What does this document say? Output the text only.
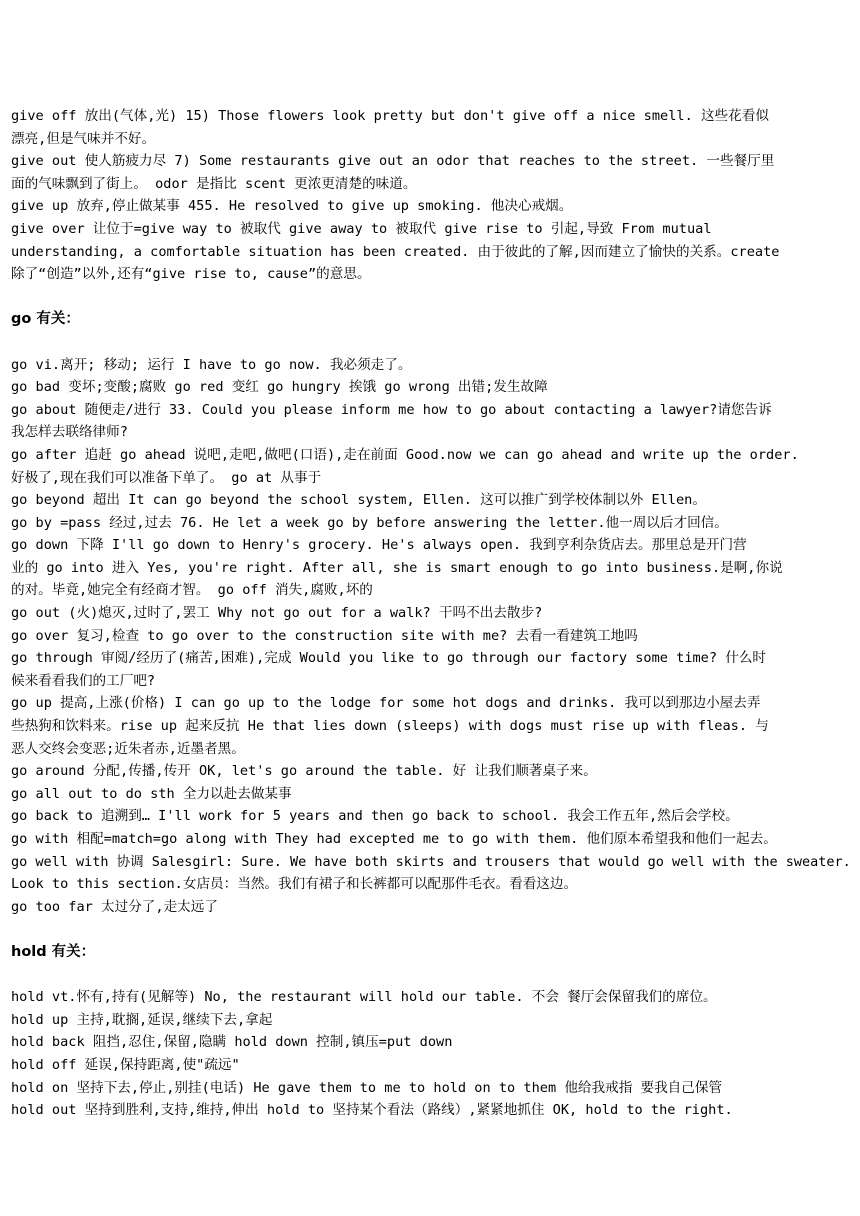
give off 放出(气体,光) 15) Those flowers look pretty but don't give off a nice smell. 这些花看似
漂亮,但是气味并不好。
give out 使人筋疲力尽 7) Some restaurants give out an odor that reaches to the street. 一些餐厅里
面的气味飘到了街上。 odor 是指比 scent 更浓更清楚的味道。
give up 放弃,停止做某事 455. He resolved to give up smoking. 他决心戒烟。
give over 让位于=give way to 被取代 give away to 被取代 give rise to 引起,导致 From mutual
understanding, a comfortable situation has been created. 由于彼此的了解,因而建立了愉快的关系。create
除了“创造”以外,还有“give rise to, cause”的意思。
go 有关：
go vi.离开; 移动; 运行 I have to go now. 我必须走了。
go bad 变坏;变酸;腐败 go red 变红 go hungry 挨饿 go wrong 出错;发生故障
go about 随便走/进行 33. Could you please inform me how to go about contacting a lawyer?请您告诉
我怎样去联络律师?
go after 追赶 go ahead 说吧,走吧,做吧(口语),走在前面 Good.now we can go ahead and write up the order.
好极了,现在我们可以准备下单了。 go at 从事于
go beyond 超出 It can go beyond the school system, Ellen. 这可以推广到学校体制以外 Ellen。
go by =pass 经过,过去 76. He let a week go by before answering the letter.他一周以后才回信。
go down 下降 I'll go down to Henry's grocery. He's always open. 我到亨利杂货店去。那里总是开门营
业的 go into 进入 Yes, you're right. After all, she is smart enough to go into business.是啊,你说
的对。毕竟,她完全有经商才智。 go off 消失,腐败,坏的
go out (火)熄灭,过时了,罢工 Why not go out for a walk? 干吗不出去散步?
go over 复习,检查 to go over to the construction site with me? 去看一看建筑工地吗
go through 审阅/经历了(痛苦,困难),完成 Would you like to go through our factory some time? 什么时
候来看看我们的工厂吧?
go up 提高,上涨(价格) I can go up to the lodge for some hot dogs and drinks. 我可以到那边小屋去弄
些热狗和饮料来。rise up 起来反抗 He that lies down (sleeps) with dogs must rise up with fleas. 与
恶人交终会变恶;近朱者赤,近墨者黑。
go around 分配,传播,传开 OK, let's go around the table. 好 让我们顺著桌子来。
go all out to do sth 全力以赴去做某事
go back to 追溯到… I'll work for 5 years and then go back to school. 我会工作五年,然后会学校。
go with 相配=match=go along with They had excepted me to go with them. 他们原本希望我和他们一起去。
go well with 协调 Salesgirl: Sure. We have both skirts and trousers that would go well with the sweater.
Look to this section.女店员：当然。我们有裙子和长裤都可以配那件毛衣。看看这边。
go too far 太过分了,走太远了
hold 有关：
hold vt.怀有,持有(见解等) No, the restaurant will hold our table. 不会 餐厅会保留我们的席位。
hold up 主持,耽搁,延误,继续下去,拿起
hold back 阻挡,忍住,保留,隐瞒 hold down 控制,镇压=put down
hold off 延误,保持距离,使"疏远"
hold on 坚持下去,停止,别挂(电话) He gave them to me to hold on to them 他给我戒指 要我自己保管
hold out 坚持到胜利,支持,维持,伸出 hold to 坚持某个看法（路线）,紧紧地抓住 OK, hold to the right.
